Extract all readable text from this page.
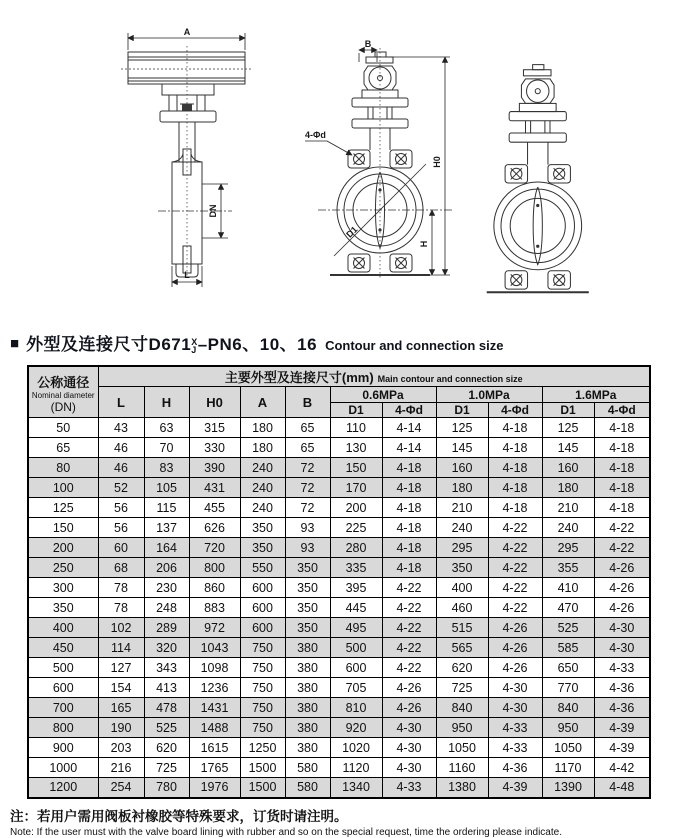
A
DN
L
B
H0
H
D1
4-Φd
■ 外型及连接尺寸D671 X
J –PN6、10、16 Contour and connection size
公称通径
Nominal diameter
(DN)	主要外型及连接尺寸(mm) Main contour and connection size										
	L	H	H0	A	B	0.6MPa		1.0MPa		1.6MPa	
						D1	4-Φd	D1	4-Φd	D1	4-Φd
50	43	63	315	180	65	110	4-14	125	4-18	125	4-18
65	46	70	330	180	65	130	4-14	145	4-18	145	4-18
80	46	83	390	240	72	150	4-18	160	4-18	160	4-18
100	52	105	431	240	72	170	4-18	180	4-18	180	4-18
125	56	115	455	240	72	200	4-18	210	4-18	210	4-18
150	56	137	626	350	93	225	4-18	240	4-22	240	4-22
200	60	164	720	350	93	280	4-18	295	4-22	295	4-22
250	68	206	800	550	350	335	4-18	350	4-22	355	4-26
300	78	230	860	600	350	395	4-22	400	4-22	410	4-26
350	78	248	883	600	350	445	4-22	460	4-22	470	4-26
400	102	289	972	600	350	495	4-22	515	4-26	525	4-30
450	114	320	1043	750	380	500	4-22	565	4-26	585	4-30
500	127	343	1098	750	380	600	4-22	620	4-26	650	4-33
600	154	413	1236	750	380	705	4-26	725	4-30	770	4-36
700	165	478	1431	750	380	810	4-26	840	4-30	840	4-36
800	190	525	1488	750	380	920	4-30	950	4-33	950	4-39
900	203	620	1615	1250	380	1020	4-30	1050	4-33	1050	4-39
1000	216	725	1765	1500	580	1120	4-30	1160	4-36	1170	4-42
1200	254	780	1976	1500	580	1340	4-33	1380	4-39	1390	4-48
注：若用户需用阀板衬橡胶等特殊要求，订货时请注明。
Note: If the user must with the valve board lining with rubber and so on the special request, time the ordering please indicate.
